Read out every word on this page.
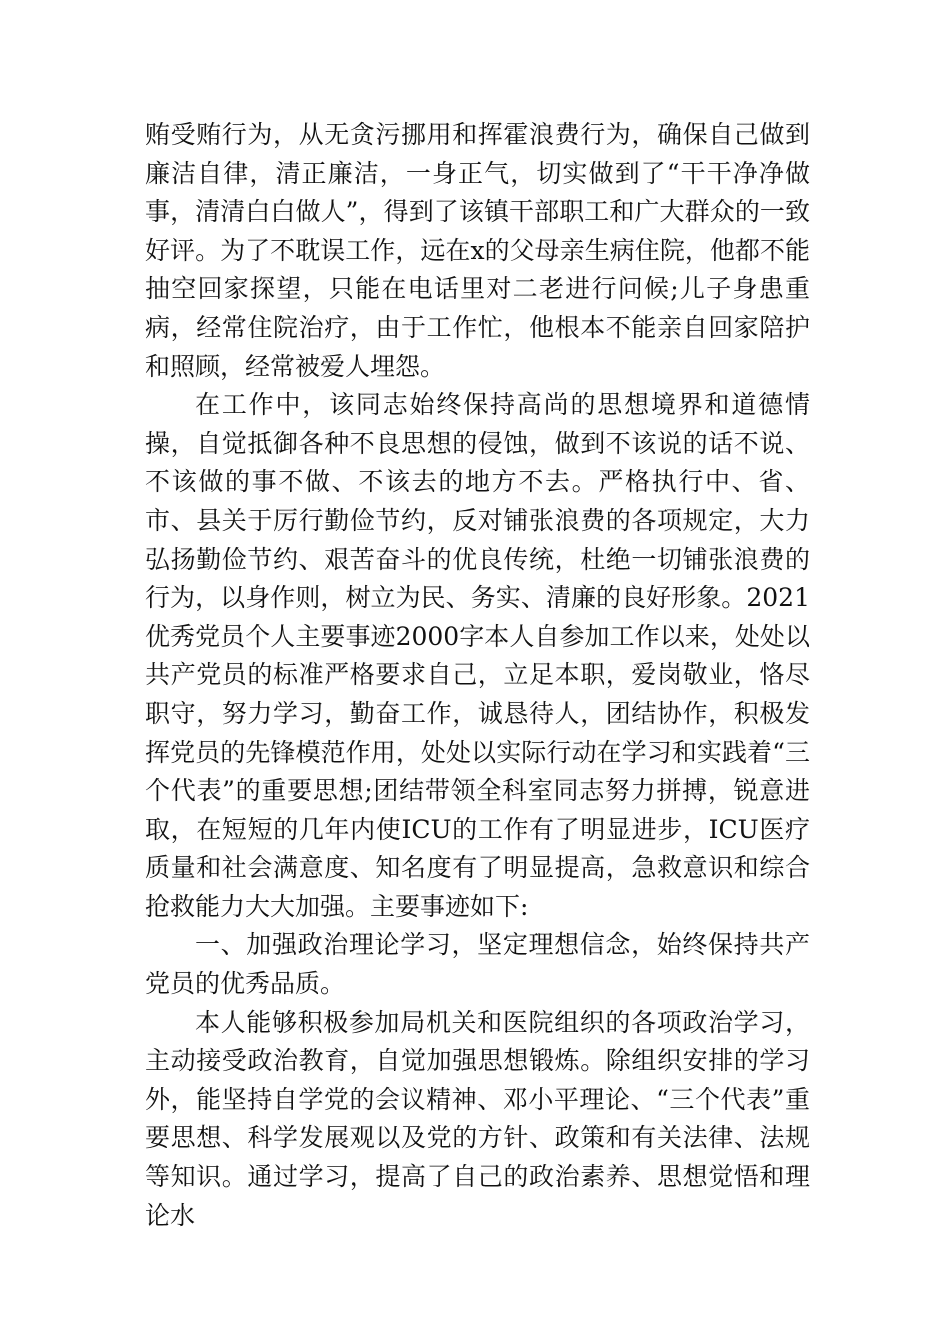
贿受贿行为，从无贪污挪用和挥霍浪费行为，确保自己做到廉洁自律，清正廉洁，一身正气，切实做到了“干干净净做事，清清白白做人”，得到了该镇干部职工和广大群众的一致好评。为了不耽误工作，远在x的父母亲生病住院，他都不能抽空回家探望，只能在电话里对二老进行问候;儿子身患重病，经常住院治疗，由于工作忙，他根本不能亲自回家陪护和照顾，经常被爱人埋怨。

在工作中，该同志始终保持高尚的思想境界和道德情操，自觉抵御各种不良思想的侵蚀，做到不该说的话不说、不该做的事不做、不该去的地方不去。严格执行中、省、市、县关于厉行勤俭节约，反对铺张浪费的各项规定，大力弘扬勤俭节约、艰苦奋斗的优良传统，杜绝一切铺张浪费的行为，以身作则，树立为民、务实、清廉的良好形象。2021优秀党员个人主要事迹2000字本人自参加工作以来，处处以共产党员的标准严格要求自己，立足本职，爱岗敬业，恪尽职守，努力学习，勤奋工作，诚恳待人，团结协作，积极发挥党员的先锋模范作用，处处以实际行动在学习和实践着“三个代表”的重要思想;团结带领全科室同志努力拼搏，锐意进取，在短短的几年内使ICU的工作有了明显进步，ICU医疗质量和社会满意度、知名度有了明显提高，急救意识和综合抢救能力大大加强。主要事迹如下:

一、加强政治理论学习，坚定理想信念，始终保持共产党员的优秀品质。

本人能够积极参加局机关和医院组织的各项政治学习，主动接受政治教育，自觉加强思想锻炼。除组织安排的学习外，能坚持自学党的会议精神、邓小平理论、“三个代表”重要思想、科学发展观以及党的方针、政策和有关法律、法规等知识。通过学习，提高了自己的政治素养、思想觉悟和理论水
